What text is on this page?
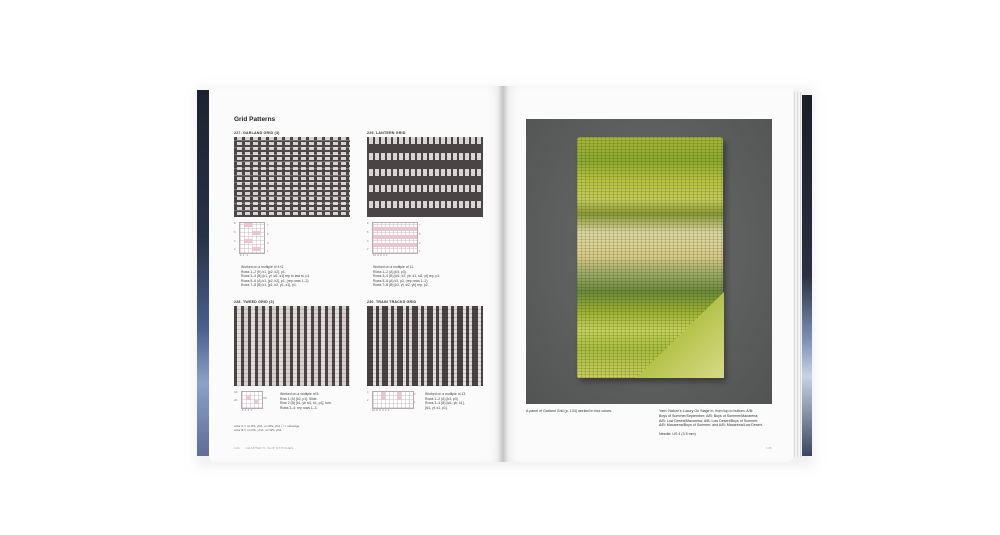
Grid Patterns
227. GARLAND GRID (3)
8
6
4
2
7
5
3
1
6  4   1
Worked on a multiple of 4+2.
Rows 1–2 (K) k1, [p2, k2], p1.
Rows 3–4 (B) [k1, yf, sl1, k1] rep to last st, p1.
Rows 5–6 (A) k1, [p2, k2], p1, (rep rows 1–2)
Rows 7–8 (B) k1, [p1, k2, p1, k1], p1.
229. LANTERN GRID
8
6
4
2
7
5
3
1
10  8  6  4  2
Worked on a multiple of 11.
Rows 1–2 (A) [k3, p3].
Rows 3–4 (B) [sl1, k2, yb, k1, sl2, yf] rep, p1.
Rows 5–6 (A) k3, p3, (rep rows 1–2)
Rows 7–8 (B) [k2, yf, sl2, yb] rep, p2.
228. TWEED GRID (3)
4/6
2/1
3/4
6  4  2  1
Worked on a multiple of 5.
Row 1 (A) [k2, p1]. Slide.
Row 2 (B) [k1, yb sl1, k1, p1], turn.
Rows 3–4: rep rows 1–3.
230. TRAIN TRACKS GRID
4
2
3
1
10  8  6  4  2  1
Worked on a multiple of 13.
Rows 1–2 (A) [k3, p3].
Rows 3–4 (B) [sl1, yb, k1],
[sl1, yf, k1, p1].
color A ▽ on RS, yfs1, on WS, yfs1 ☐ = selvedge
color B ▽ on RS, yf s1, on WS, yfs1
134 CHAPTER 5: SLIP STITCHES
A panel of Garland Grid (p. 134) worked in four colors.	Yarn: Nature's Luxury On Stage in, from top to bottom: A/B:
Boys of Summer/September; A/B: Boys of Summer/Macarena;
A/B: Low Desert/Macarena; A/B: Low Desert/Boys of Summer;
A/B: Macarena/Boys of Summer, and A/B: Macarena/Low Desert.
Needle: US 4 (3.5 mm)
135
